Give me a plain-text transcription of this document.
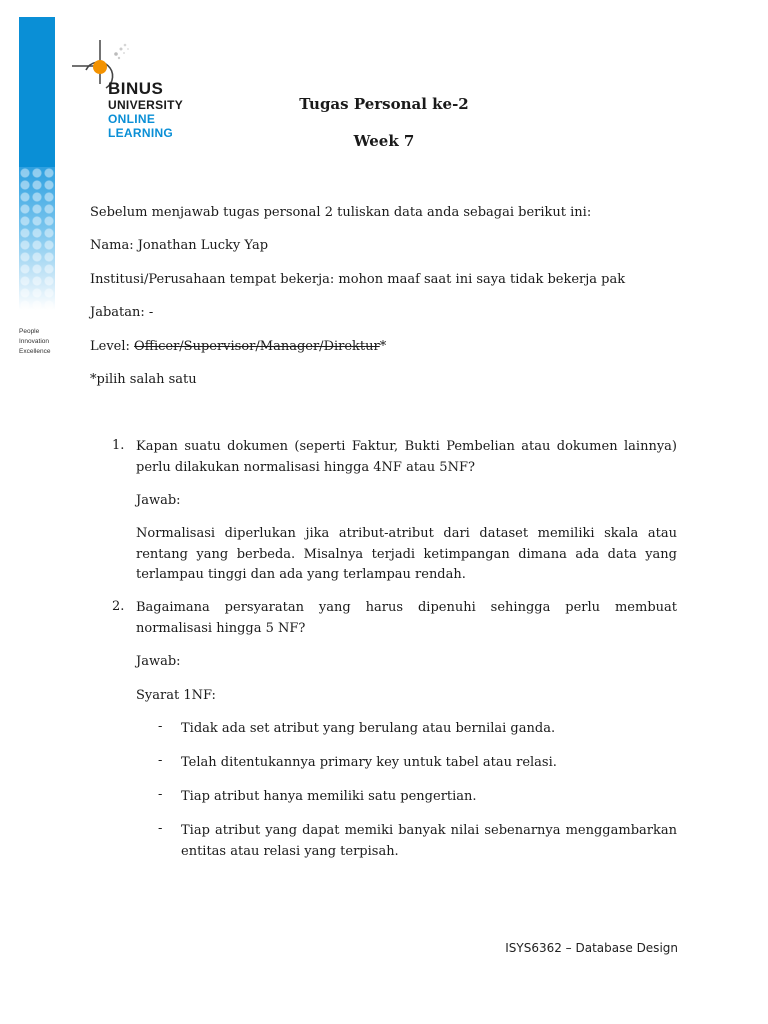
People
Innovation
Excellence
BINUS
UNIVERSITY
ONLINE
LEARNING
Tugas Personal ke-2
Week 7
Sebelum menjawab tugas personal 2 tuliskan data anda sebagai berikut ini:
Nama: Jonathan Lucky Yap
Institusi/Perusahaan tempat bekerja: mohon maaf saat ini saya tidak bekerja pak
Jabatan: -
Level: Officer/Supervisor/Manager/Direktur*
*pilih salah satu
1. Kapan suatu dokumen (seperti Faktur, Bukti Pembelian atau dokumen lainnya) perlu dilakukan normalisasi hingga 4NF atau 5NF?
Jawab:
Normalisasi diperlukan jika atribut-atribut dari dataset memiliki skala atau rentang yang berbeda. Misalnya terjadi ketimpangan dimana ada data yang terlampau tinggi dan ada yang terlampau rendah.
2. Bagaimana persyaratan yang harus dipenuhi sehingga perlu membuat normalisasi hingga 5 NF?
Jawab:
Syarat 1NF:
- Tidak ada set atribut yang berulang atau bernilai ganda.
- Telah ditentukannya primary key untuk tabel atau relasi.
- Tiap atribut hanya memiliki satu pengertian.
- Tiap atribut yang dapat memiki banyak nilai sebenarnya menggambarkan entitas atau relasi yang terpisah.
ISYS6362 – Database Design
